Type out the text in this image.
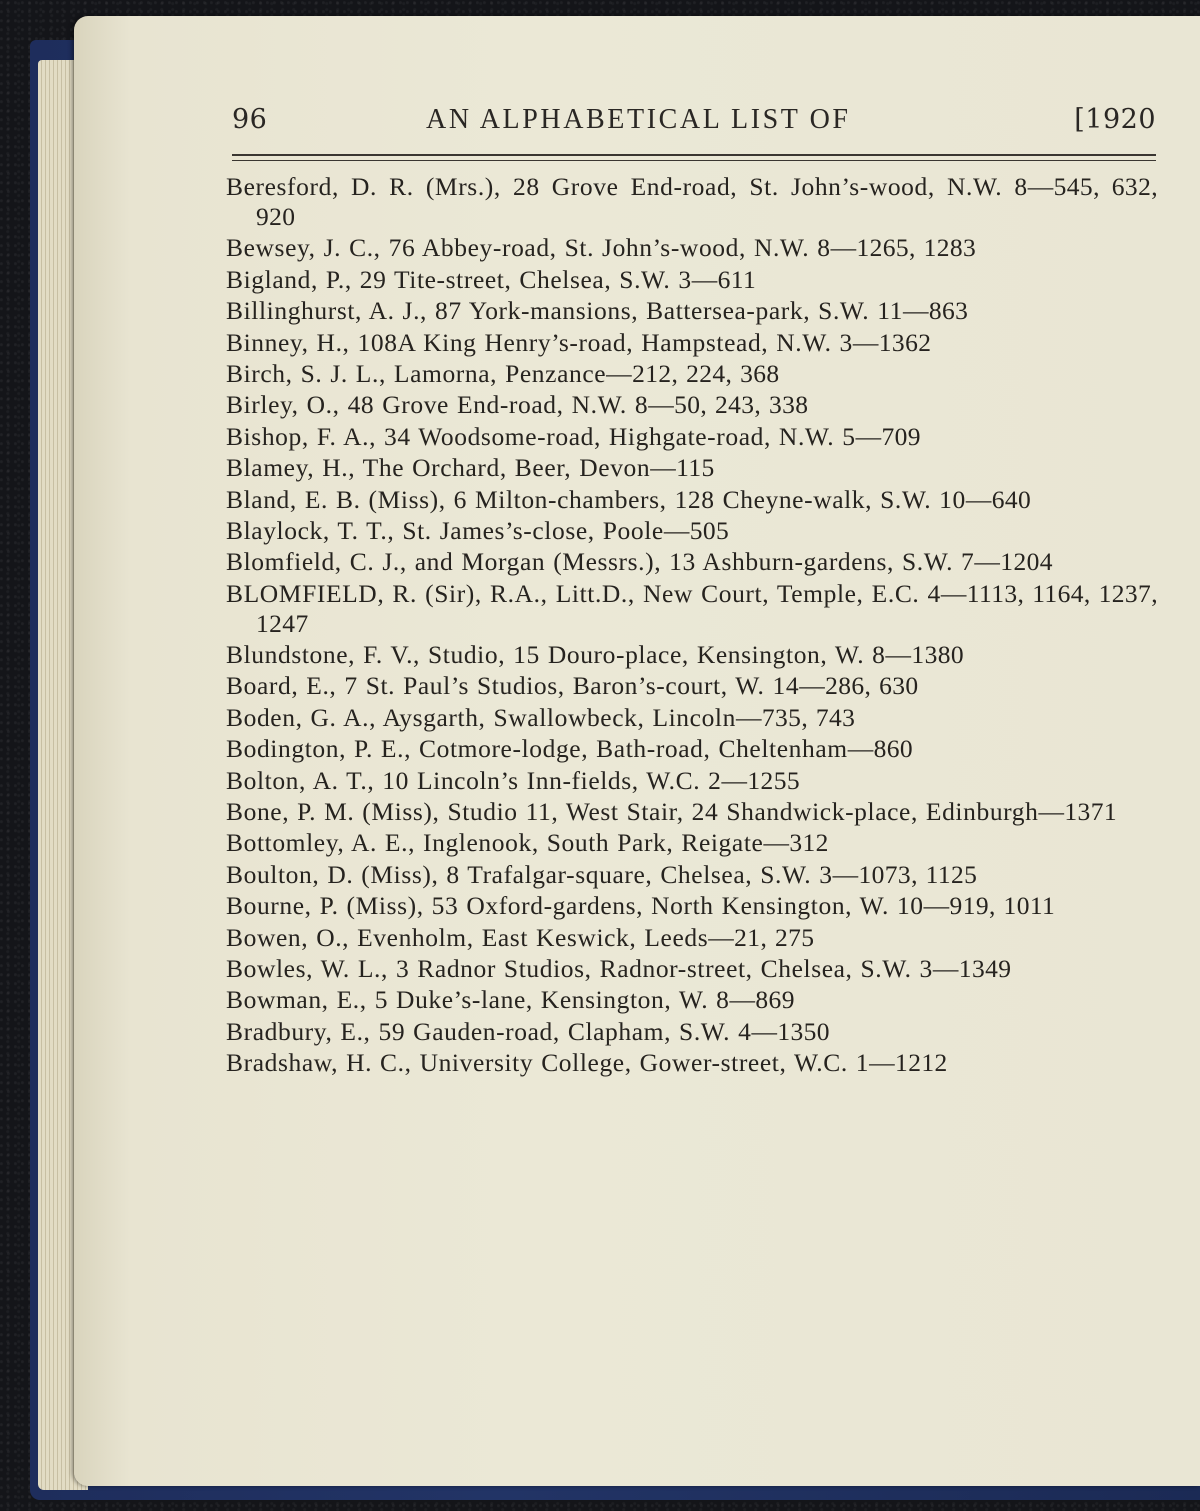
96	AN ALPHABETICAL LIST OF	[1920
Beresford, D. R. (Mrs.), 28 Grove End-road, St. John’s-wood, N.W. 8—545, 632, 920
Bewsey, J. C., 76 Abbey-road, St. John’s-wood, N.W. 8—1265, 1283
Bigland, P., 29 Tite-street, Chelsea, S.W. 3—611
Billinghurst, A. J., 87 York-mansions, Battersea-park, S.W. 11—863
Binney, H., 108A King Henry’s-road, Hampstead, N.W. 3—1362
Birch, S. J. L., Lamorna, Penzance—212, 224, 368
Birley, O., 48 Grove End-road, N.W. 8—50, 243, 338
Bishop, F. A., 34 Woodsome-road, Highgate-road, N.W. 5—709
Blamey, H., The Orchard, Beer, Devon—115
Bland, E. B. (Miss), 6 Milton-chambers, 128 Cheyne-walk, S.W. 10—640
Blaylock, T. T., St. James’s-close, Poole—505
Blomfield, C. J., and Morgan (Messrs.), 13 Ashburn-gardens, S.W. 7—1204
BLOMFIELD, R. (Sir), R.A., Litt.D., New Court, Temple, E.C. 4—1113, 1164, 1237, 1247
Blundstone, F. V., Studio, 15 Douro-place, Kensington, W. 8—1380
Board, E., 7 St. Paul’s Studios, Baron’s-court, W. 14—286, 630
Boden, G. A., Aysgarth, Swallowbeck, Lincoln—735, 743
Bodington, P. E., Cotmore-lodge, Bath-road, Cheltenham—860
Bolton, A. T., 10 Lincoln’s Inn-fields, W.C. 2—1255
Bone, P. M. (Miss), Studio 11, West Stair, 24 Shandwick-place, Edinburgh—1371
Bottomley, A. E., Inglenook, South Park, Reigate—312
Boulton, D. (Miss), 8 Trafalgar-square, Chelsea, S.W. 3—1073, 1125
Bourne, P. (Miss), 53 Oxford-gardens, North Kensington, W. 10—919, 1011
Bowen, O., Evenholm, East Keswick, Leeds—21, 275
Bowles, W. L., 3 Radnor Studios, Radnor-street, Chelsea, S.W. 3—1349
Bowman, E., 5 Duke’s-lane, Kensington, W. 8—869
Bradbury, E., 59 Gauden-road, Clapham, S.W. 4—1350
Bradshaw, H. C., University College, Gower-street, W.C. 1—1212
